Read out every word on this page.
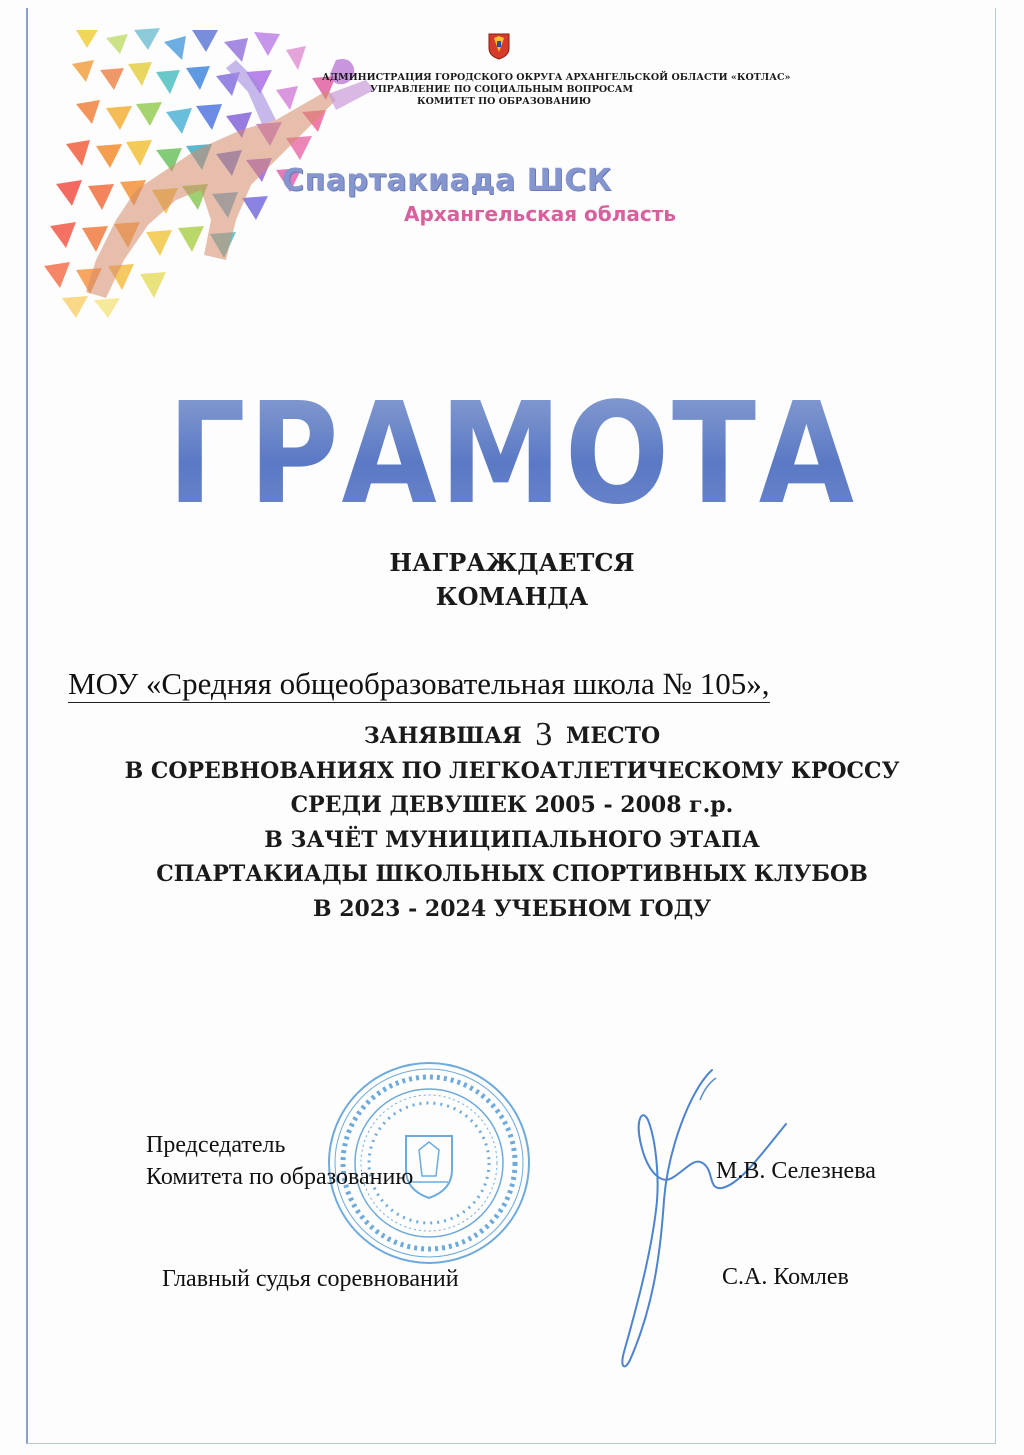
АДМИНИСТРАЦИЯ ГОРОДСКОГО ОКРУГА АРХАНГЕЛЬСКОЙ ОБЛАСТИ «КОТЛАС»
УПРАВЛЕНИЕ ПО СОЦИАЛЬНЫМ ВОПРОСАМ
КОМИТЕТ ПО ОБРАЗОВАНИЮ
Спартакиада ШСК
Архангельская область
ГРАМОТА
НАГРАЖДАЕТСЯ
КОМАНДА
МОУ «Средняя общеобразовательная школа № 105»,
ЗАНЯВШАЯ 3 МЕСТО
В СОРЕВНОВАНИЯХ ПО ЛЕГКОАТЛЕТИЧЕСКОМУ КРОССУ
СРЕДИ ДЕВУШЕК 2005 - 2008 г.р.
В ЗАЧЁТ МУНИЦИПАЛЬНОГО ЭТАПА
СПАРТАКИАДЫ ШКОЛЬНЫХ СПОРТИВНЫХ КЛУБОВ
В 2023 - 2024 УЧЕБНОМ ГОДУ
Председатель
Комитета по образованию	М.В. Селезнева
Главный судья соревнований	С.А. Комлев
